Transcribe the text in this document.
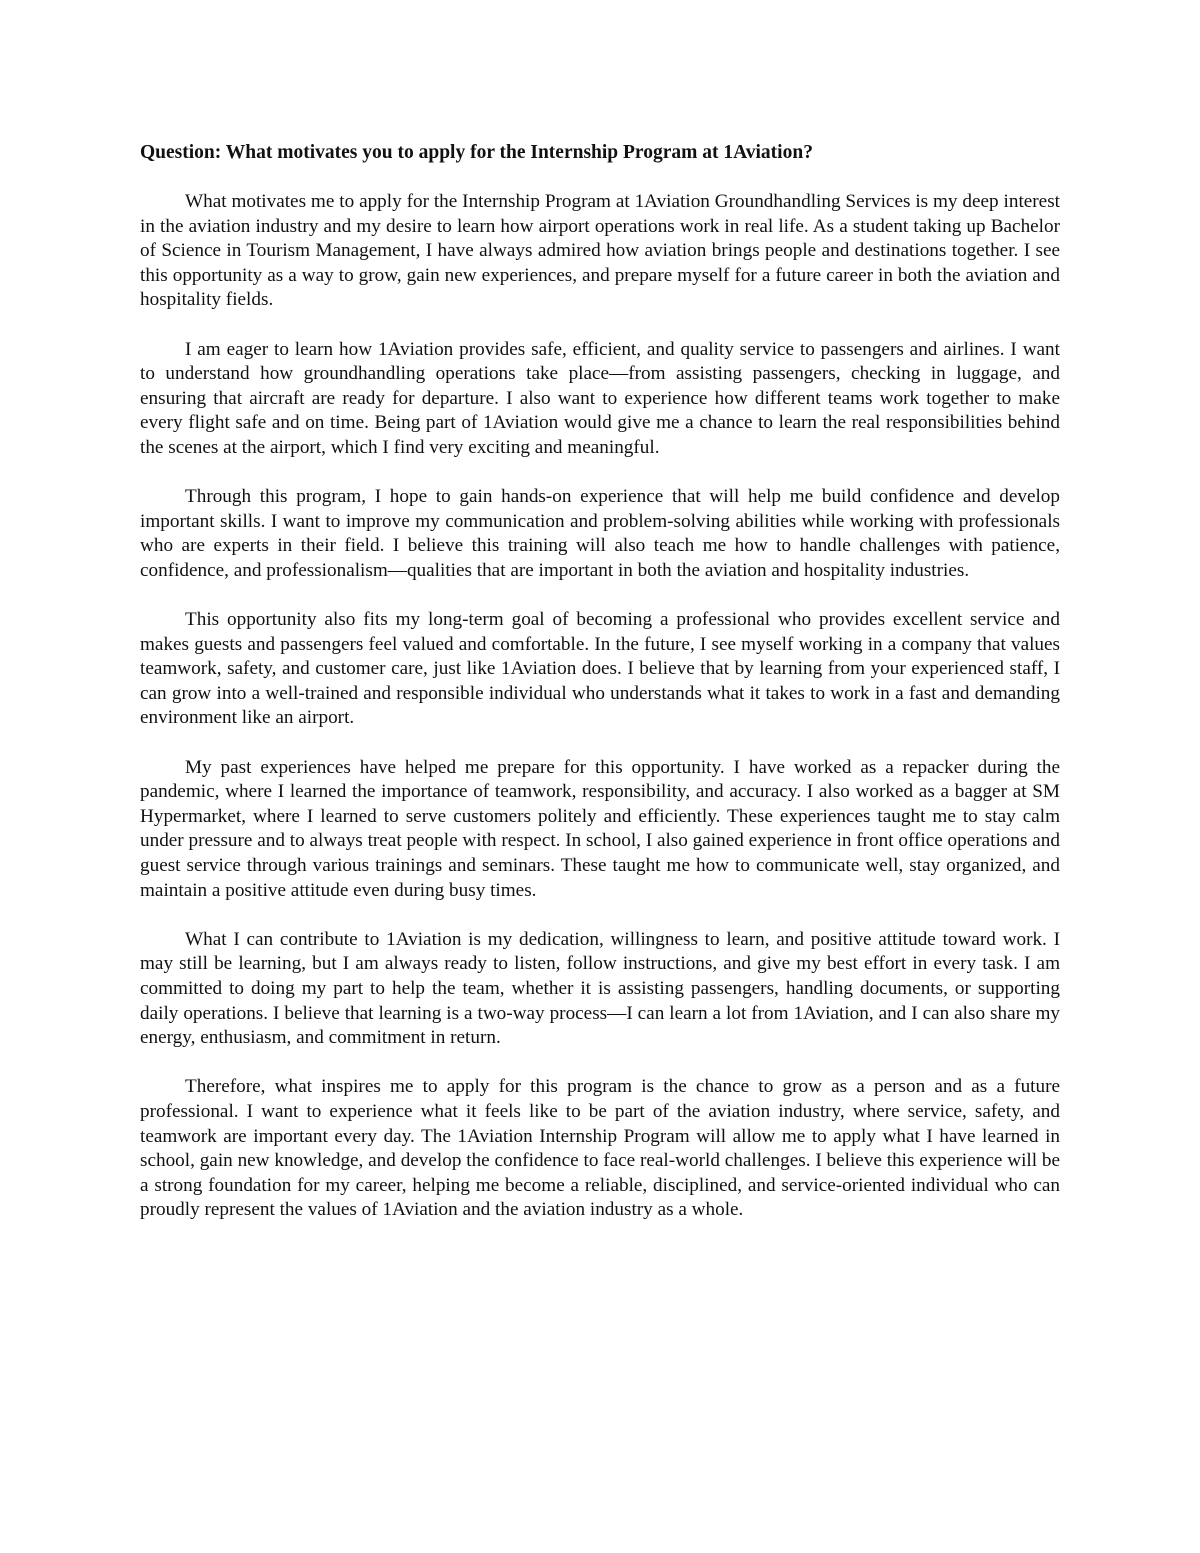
Question: What motivates you to apply for the Internship Program at 1Aviation?

What motivates me to apply for the Internship Program at 1Aviation Groundhandling Services is my deep interest in the aviation industry and my desire to learn how airport operations work in real life. As a student taking up Bachelor of Science in Tourism Management, I have always admired how aviation brings people and destinations together. I see this opportunity as a way to grow, gain new experiences, and prepare myself for a future career in both the aviation and hospitality fields.

I am eager to learn how 1Aviation provides safe, efficient, and quality service to passengers and airlines. I want to understand how groundhandling operations take place—from assisting passengers, checking in luggage, and ensuring that aircraft are ready for departure. I also want to experience how different teams work together to make every flight safe and on time. Being part of 1Aviation would give me a chance to learn the real responsibilities behind the scenes at the airport, which I find very exciting and meaningful.

Through this program, I hope to gain hands-on experience that will help me build confidence and develop important skills. I want to improve my communication and problem-solving abilities while working with professionals who are experts in their field. I believe this training will also teach me how to handle challenges with patience, confidence, and professionalism—qualities that are important in both the aviation and hospitality industries.

This opportunity also fits my long-term goal of becoming a professional who provides excellent service and makes guests and passengers feel valued and comfortable. In the future, I see myself working in a company that values teamwork, safety, and customer care, just like 1Aviation does. I believe that by learning from your experienced staff, I can grow into a well-trained and responsible individual who understands what it takes to work in a fast and demanding environment like an airport.

My past experiences have helped me prepare for this opportunity. I have worked as a repacker during the pandemic, where I learned the importance of teamwork, responsibility, and accuracy. I also worked as a bagger at SM Hypermarket, where I learned to serve customers politely and efficiently. These experiences taught me to stay calm under pressure and to always treat people with respect. In school, I also gained experience in front office operations and guest service through various trainings and seminars. These taught me how to communicate well, stay organized, and maintain a positive attitude even during busy times.

What I can contribute to 1Aviation is my dedication, willingness to learn, and positive attitude toward work. I may still be learning, but I am always ready to listen, follow instructions, and give my best effort in every task. I am committed to doing my part to help the team, whether it is assisting passengers, handling documents, or supporting daily operations. I believe that learning is a two-way process—I can learn a lot from 1Aviation, and I can also share my energy, enthusiasm, and commitment in return.

Therefore, what inspires me to apply for this program is the chance to grow as a person and as a future professional. I want to experience what it feels like to be part of the aviation industry, where service, safety, and teamwork are important every day. The 1Aviation Internship Program will allow me to apply what I have learned in school, gain new knowledge, and develop the confidence to face real-world challenges. I believe this experience will be a strong foundation for my career, helping me become a reliable, disciplined, and service-oriented individual who can proudly represent the values of 1Aviation and the aviation industry as a whole.
